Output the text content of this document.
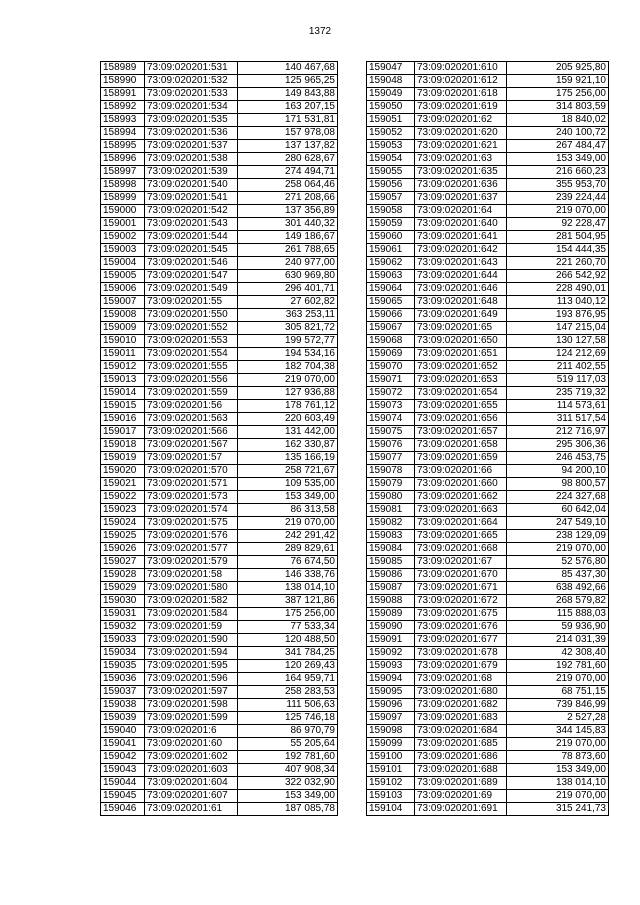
1372
158989	73:09:020201:531	140 467,68
158990	73:09:020201:532	125 965,25
158991	73:09:020201:533	149 843,88
158992	73:09:020201:534	163 207,15
158993	73:09:020201:535	171 531,81
158994	73:09:020201:536	157 978,08
158995	73:09:020201:537	137 137,82
158996	73:09:020201:538	280 628,67
158997	73:09:020201:539	274 494,71
158998	73:09:020201:540	258 064,46
158999	73:09:020201:541	271 208,66
159000	73:09:020201:542	137 356,89
159001	73:09:020201:543	301 440,32
159002	73:09:020201:544	149 186,67
159003	73:09:020201:545	261 788,65
159004	73:09:020201:546	240 977,00
159005	73:09:020201:547	630 969,80
159006	73:09:020201:549	296 401,71
159007	73:09:020201:55	27 602,82
159008	73:09:020201:550	363 253,11
159009	73:09:020201:552	305 821,72
159010	73:09:020201:553	199 572,77
159011	73:09:020201:554	194 534,16
159012	73:09:020201:555	182 704,38
159013	73:09:020201:556	219 070,00
159014	73:09:020201:559	127 936,88
159015	73:09:020201:56	178 761,12
159016	73:09:020201:563	220 603,49
159017	73:09:020201:566	131 442,00
159018	73:09:020201:567	162 330,87
159019	73:09:020201:57	135 166,19
159020	73:09:020201:570	258 721,67
159021	73:09:020201:571	109 535,00
159022	73:09:020201:573	153 349,00
159023	73:09:020201:574	86 313,58
159024	73:09:020201:575	219 070,00
159025	73:09:020201:576	242 291,42
159026	73:09:020201:577	289 829,61
159027	73:09:020201:579	76 674,50
159028	73:09:020201:58	146 338,76
159029	73:09:020201:580	138 014,10
159030	73:09:020201:582	387 121,86
159031	73:09:020201:584	175 256,00
159032	73:09:020201:59	77 533,34
159033	73:09:020201:590	120 488,50
159034	73:09:020201:594	341 784,25
159035	73:09:020201:595	120 269,43
159036	73:09:020201:596	164 959,71
159037	73:09:020201:597	258 283,53
159038	73:09:020201:598	111 506,63
159039	73:09:020201:599	125 746,18
159040	73:09:020201:6	86 970,79
159041	73:09:020201:60	55 205,64
159042	73:09:020201:602	192 781,60
159043	73:09:020201:603	407 908,34
159044	73:09:020201:604	322 032,90
159045	73:09:020201:607	153 349,00
159046	73:09:020201:61	187 085,78
159047	73:09:020201:610	205 925,80
159048	73:09:020201:612	159 921,10
159049	73:09:020201:618	175 256,00
159050	73:09:020201:619	314 803,59
159051	73:09:020201:62	18 840,02
159052	73:09:020201:620	240 100,72
159053	73:09:020201:621	267 484,47
159054	73:09:020201:63	153 349,00
159055	73:09:020201:635	216 660,23
159056	73:09:020201:636	355 953,70
159057	73:09:020201:637	239 224,44
159058	73:09:020201:64	219 070,00
159059	73:09:020201:640	92 228,47
159060	73:09:020201:641	281 504,95
159061	73:09:020201:642	154 444,35
159062	73:09:020201:643	221 260,70
159063	73:09:020201:644	266 542,92
159064	73:09:020201:646	228 490,01
159065	73:09:020201:648	113 040,12
159066	73:09:020201:649	193 876,95
159067	73:09:020201:65	147 215,04
159068	73:09:020201:650	130 127,58
159069	73:09:020201:651	124 212,69
159070	73:09:020201:652	211 402,55
159071	73:09:020201:653	519 117,03
159072	73:09:020201:654	235 719,32
159073	73:09:020201:655	114 573,61
159074	73:09:020201:656	311 517,54
159075	73:09:020201:657	212 716,97
159076	73:09:020201:658	295 306,36
159077	73:09:020201:659	246 453,75
159078	73:09:020201:66	94 200,10
159079	73:09:020201:660	98 800,57
159080	73:09:020201:662	224 327,68
159081	73:09:020201:663	60 642,04
159082	73:09:020201:664	247 549,10
159083	73:09:020201:665	238 129,09
159084	73:09:020201:668	219 070,00
159085	73:09:020201:67	52 576,80
159086	73:09:020201:670	85 437,30
159087	73:09:020201:671	638 492,66
159088	73:09:020201:672	268 579,82
159089	73:09:020201:675	115 888,03
159090	73:09:020201:676	59 936,90
159091	73:09:020201:677	214 031,39
159092	73:09:020201:678	42 308,40
159093	73:09:020201:679	192 781,60
159094	73:09:020201:68	219 070,00
159095	73:09:020201:680	68 751,15
159096	73:09:020201:682	739 846,99
159097	73:09:020201:683	2 527,28
159098	73:09:020201:684	344 145,83
159099	73:09:020201:685	219 070,00
159100	73:09:020201:686	78 873,60
159101	73:09:020201:688	153 349,00
159102	73:09:020201:689	138 014,10
159103	73:09:020201:69	219 070,00
159104	73:09:020201:691	315 241,73
